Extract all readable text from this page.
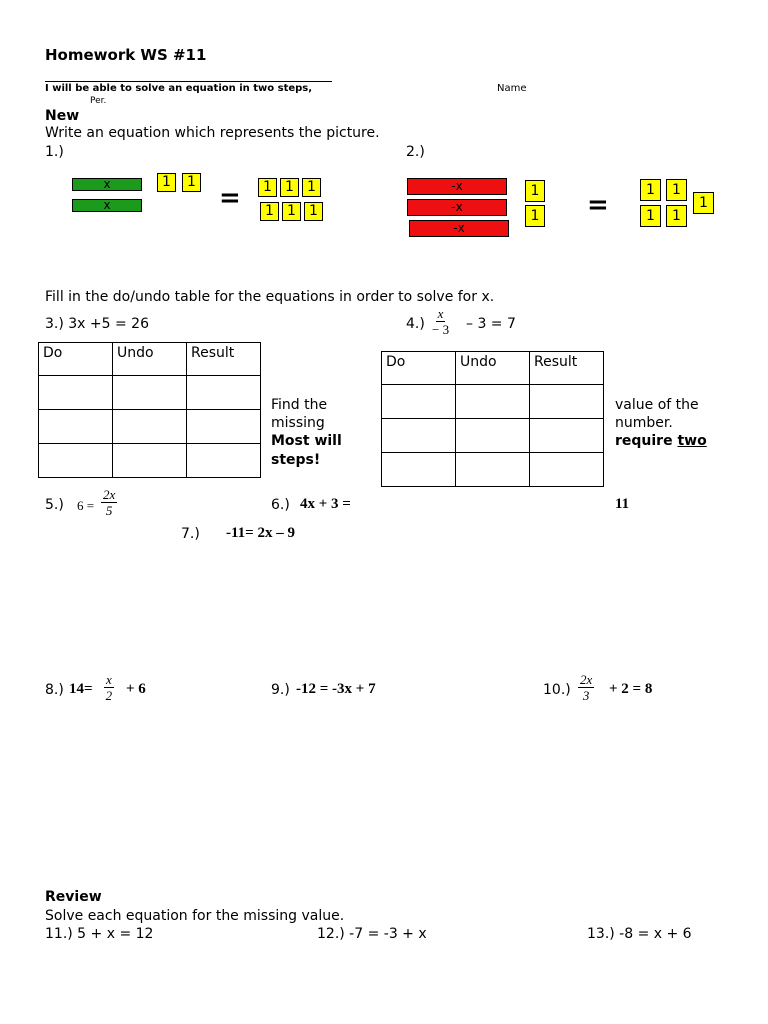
Homework WS #11
I will be able to solve an equation in two steps,	Name
Per.
New
Write an equation which represents the picture.
1.)	2.)
x
x
1	1
=	1 1 1
1 1 1
-x
-x
-x
1
1 =	1	1
1	1
1
Fill in the do/undo table for the equations in order to solve for x.
3.) 3x +5 = 26	$4.) \frac{x}{- 3} - 3 = 7$
Do	Undo	Result

Do	Undo	Result

Find the
missing
Most will
steps!
value of the
number.
require two
5.) $6 = \frac{2x}{5}$	6.) 4x + 3 =	11
7.) -11= 2x – 9
8.) $14= \frac{x}{2} + 6$	9.) -12 = -3x + 7	$10.) \frac{2x}{3} + 2 = 8$
Review
Solve each equation for the missing value.
11.) 5 + x = 12	12.) -7 = -3 + x	13.) -8 = x + 6
